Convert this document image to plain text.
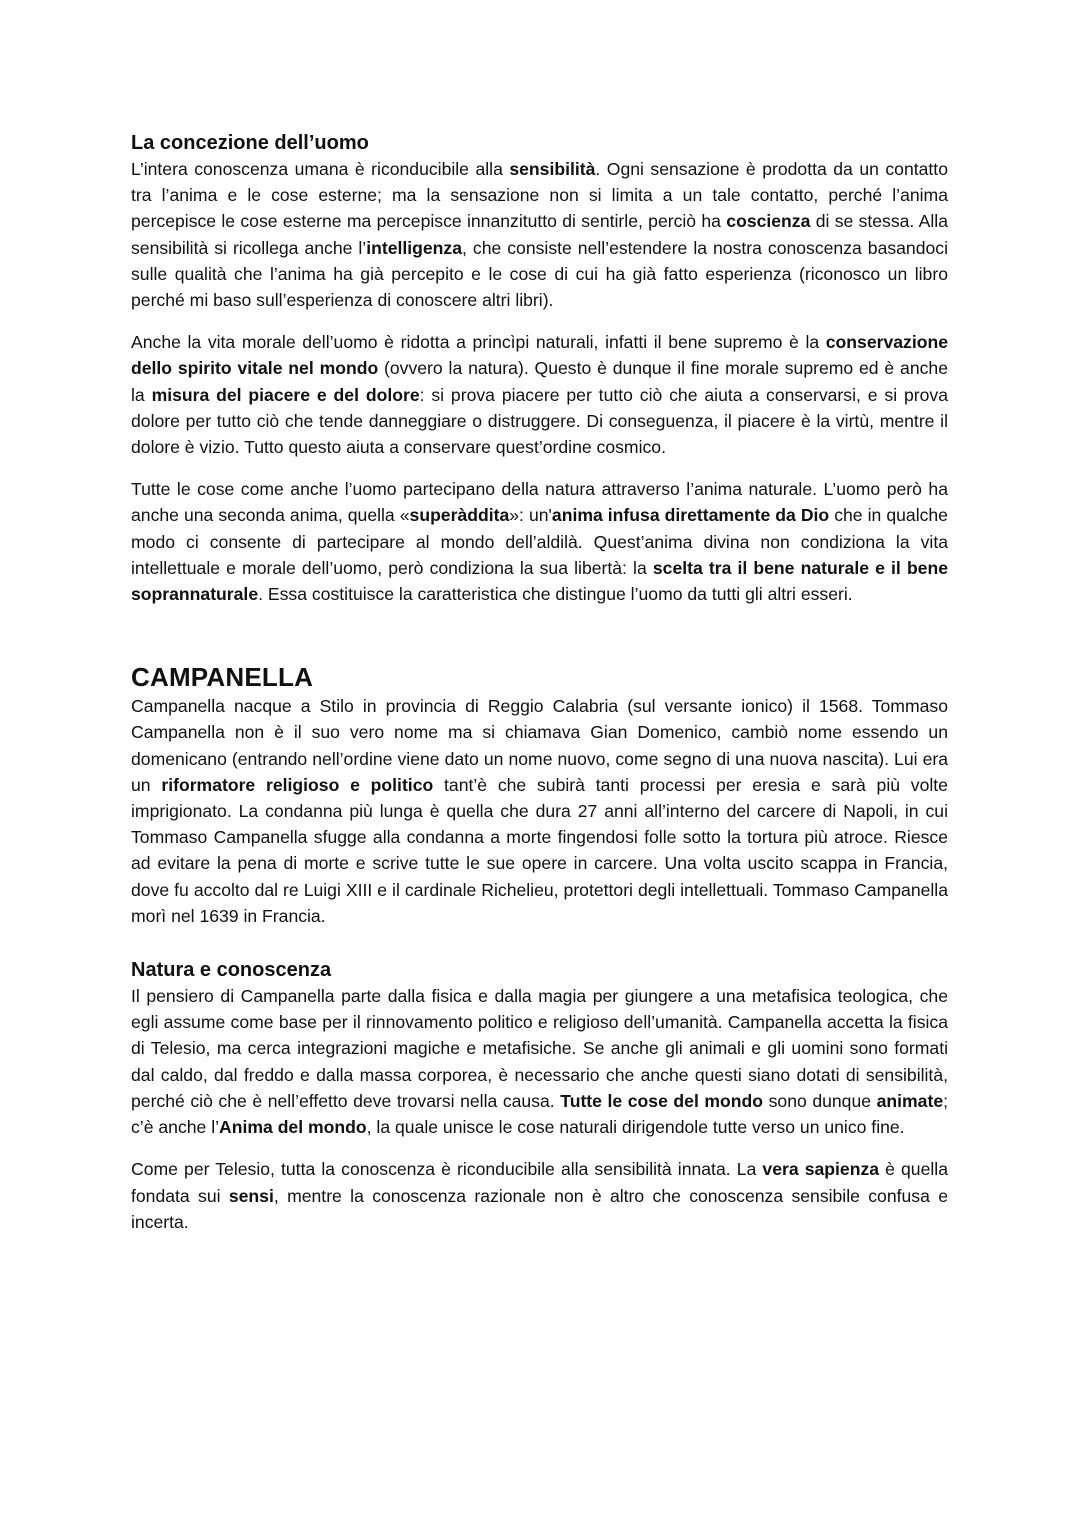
La concezione dell’uomo

L’intera conoscenza umana è riconducibile alla sensibilità. Ogni sensazione è prodotta da un contatto tra l’anima e le cose esterne; ma la sensazione non si limita a un tale contatto, perché l’anima percepisce le cose esterne ma percepisce innanzitutto di sentirle, perciò ha coscienza di se stessa. Alla sensibilità si ricollega anche l’intelligenza, che consiste nell’estendere la nostra conoscenza basandoci sulle qualità che l’anima ha già percepito e le cose di cui ha già fatto esperienza (riconosco un libro perché mi baso sull’esperienza di conoscere altri libri).

Anche la vita morale dell’uomo è ridotta a princìpi naturali, infatti il bene supremo è la conservazione dello spirito vitale nel mondo (ovvero la natura). Questo è dunque il fine morale supremo ed è anche la misura del piacere e del dolore: si prova piacere per tutto ciò che aiuta a conservarsi, e si prova dolore per tutto ciò che tende danneggiare o distruggere. Di conseguenza, il piacere è la virtù, mentre il dolore è vizio. Tutto questo aiuta a conservare quest’ordine cosmico.

Tutte le cose come anche l’uomo partecipano della natura attraverso l’anima naturale. L’uomo però ha anche una seconda anima, quella «superàddita»: un'anima infusa direttamente da Dio che in qualche modo ci consente di partecipare al mondo dell’aldilà. Quest’anima divina non condiziona la vita intellettuale e morale dell’uomo, però condiziona la sua libertà: la scelta tra il bene naturale e il bene soprannaturale. Essa costituisce la caratteristica che distingue l’uomo da tutti gli altri esseri.

CAMPANELLA

Campanella nacque a Stilo in provincia di Reggio Calabria (sul versante ionico) il 1568. Tommaso Campanella non è il suo vero nome ma si chiamava Gian Domenico, cambiò nome essendo un domenicano (entrando nell’ordine viene dato un nome nuovo, come segno di una nuova nascita). Lui era un riformatore religioso e politico tant’è che subirà tanti processi per eresia e sarà più volte imprigionato. La condanna più lunga è quella che dura 27 anni all’interno del carcere di Napoli, in cui Tommaso Campanella sfugge alla condanna a morte fingendosi folle sotto la tortura più atroce. Riesce ad evitare la pena di morte e scrive tutte le sue opere in carcere. Una volta uscito scappa in Francia, dove fu accolto dal re Luigi XIII e il cardinale Richelieu, protettori degli intellettuali. Tommaso Campanella morì nel 1639 in Francia.

Natura e conoscenza

Il pensiero di Campanella parte dalla fisica e dalla magia per giungere a una metafisica teologica, che egli assume come base per il rinnovamento politico e religioso dell’umanità. Campanella accetta la fisica di Telesio, ma cerca integrazioni magiche e metafisiche. Se anche gli animali e gli uomini sono formati dal caldo, dal freddo e dalla massa corporea, è necessario che anche questi siano dotati di sensibilità, perché ciò che è nell’effetto deve trovarsi nella causa. Tutte le cose del mondo sono dunque animate; c’è anche l’Anima del mondo, la quale unisce le cose naturali dirigendole tutte verso un unico fine.

Come per Telesio, tutta la conoscenza è riconducibile alla sensibilità innata. La vera sapienza è quella fondata sui sensi, mentre la conoscenza razionale non è altro che conoscenza sensibile confusa e incerta.
